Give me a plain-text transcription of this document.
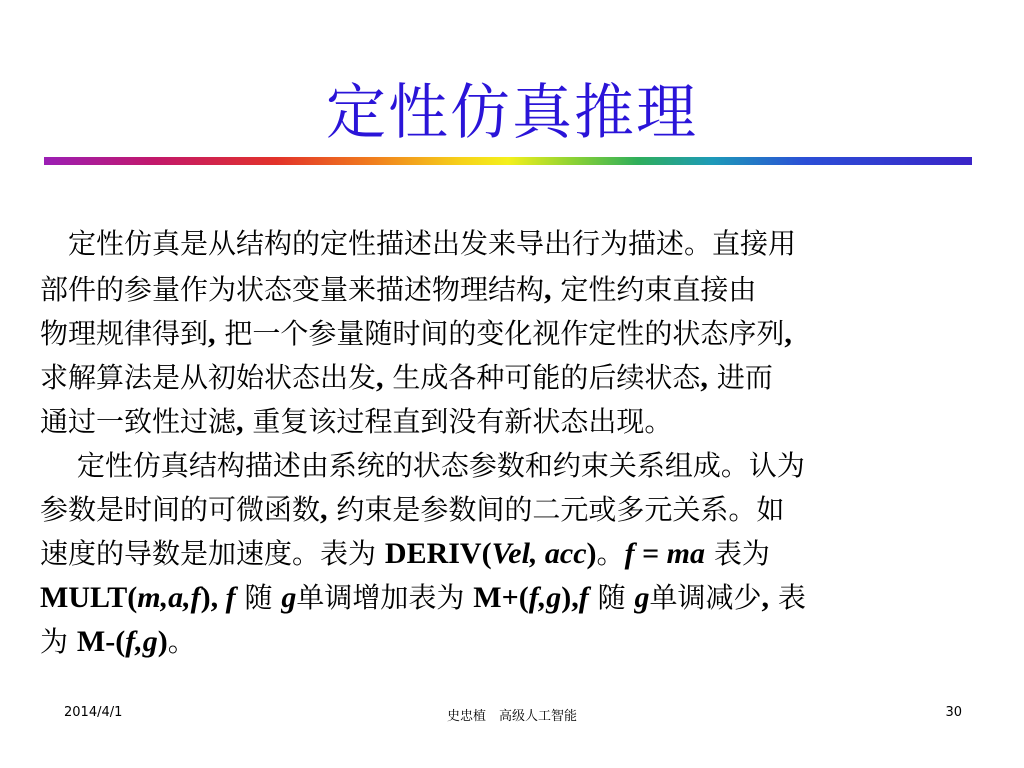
定性仿真推理
　定性仿真是从结构的定性描述出发来导出行为描述。直接用
部件的参量作为状态变量来描述物理结构, 定性约束直接由
物理规律得到, 把一个参量随时间的变化视作定性的状态序列,
求解算法是从初始状态出发, 生成各种可能的后续状态, 进而
通过一致性过滤, 重复该过程直到没有新状态出现。
　 定性仿真结构描述由系统的状态参数和约束关系组成。认为
参数是时间的可微函数, 约束是参数间的二元或多元关系。如
速度的导数是加速度。表为 DERIV(Vel, acc)。f = ma 表为
MULT(m,a,f), f 随 g单调增加表为 M+(f,g),f 随 g单调减少, 表
为 M-(f,g)。
2014/4/1	史忠植　高级人工智能	30
